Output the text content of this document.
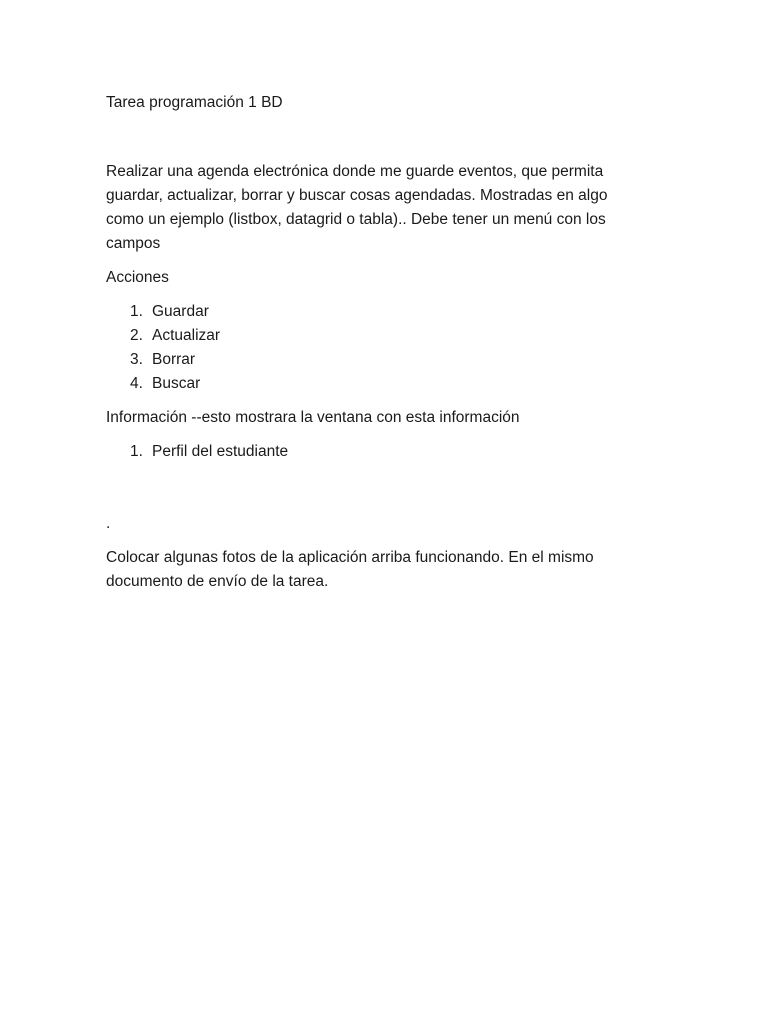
Tarea programación 1 BD

Realizar una agenda electrónica donde me guarde eventos, que permita guardar, actualizar, borrar y buscar cosas agendadas. Mostradas en algo como un ejemplo (listbox, datagrid o tabla).. Debe tener un menú con los campos

Acciones

1. Guardar
2. Actualizar
3. Borrar
4. Buscar

Información --esto mostrara la ventana con esta información

1. Perfil del estudiante

.

Colocar algunas fotos de la aplicación arriba funcionando. En el mismo documento de envío de la tarea.
